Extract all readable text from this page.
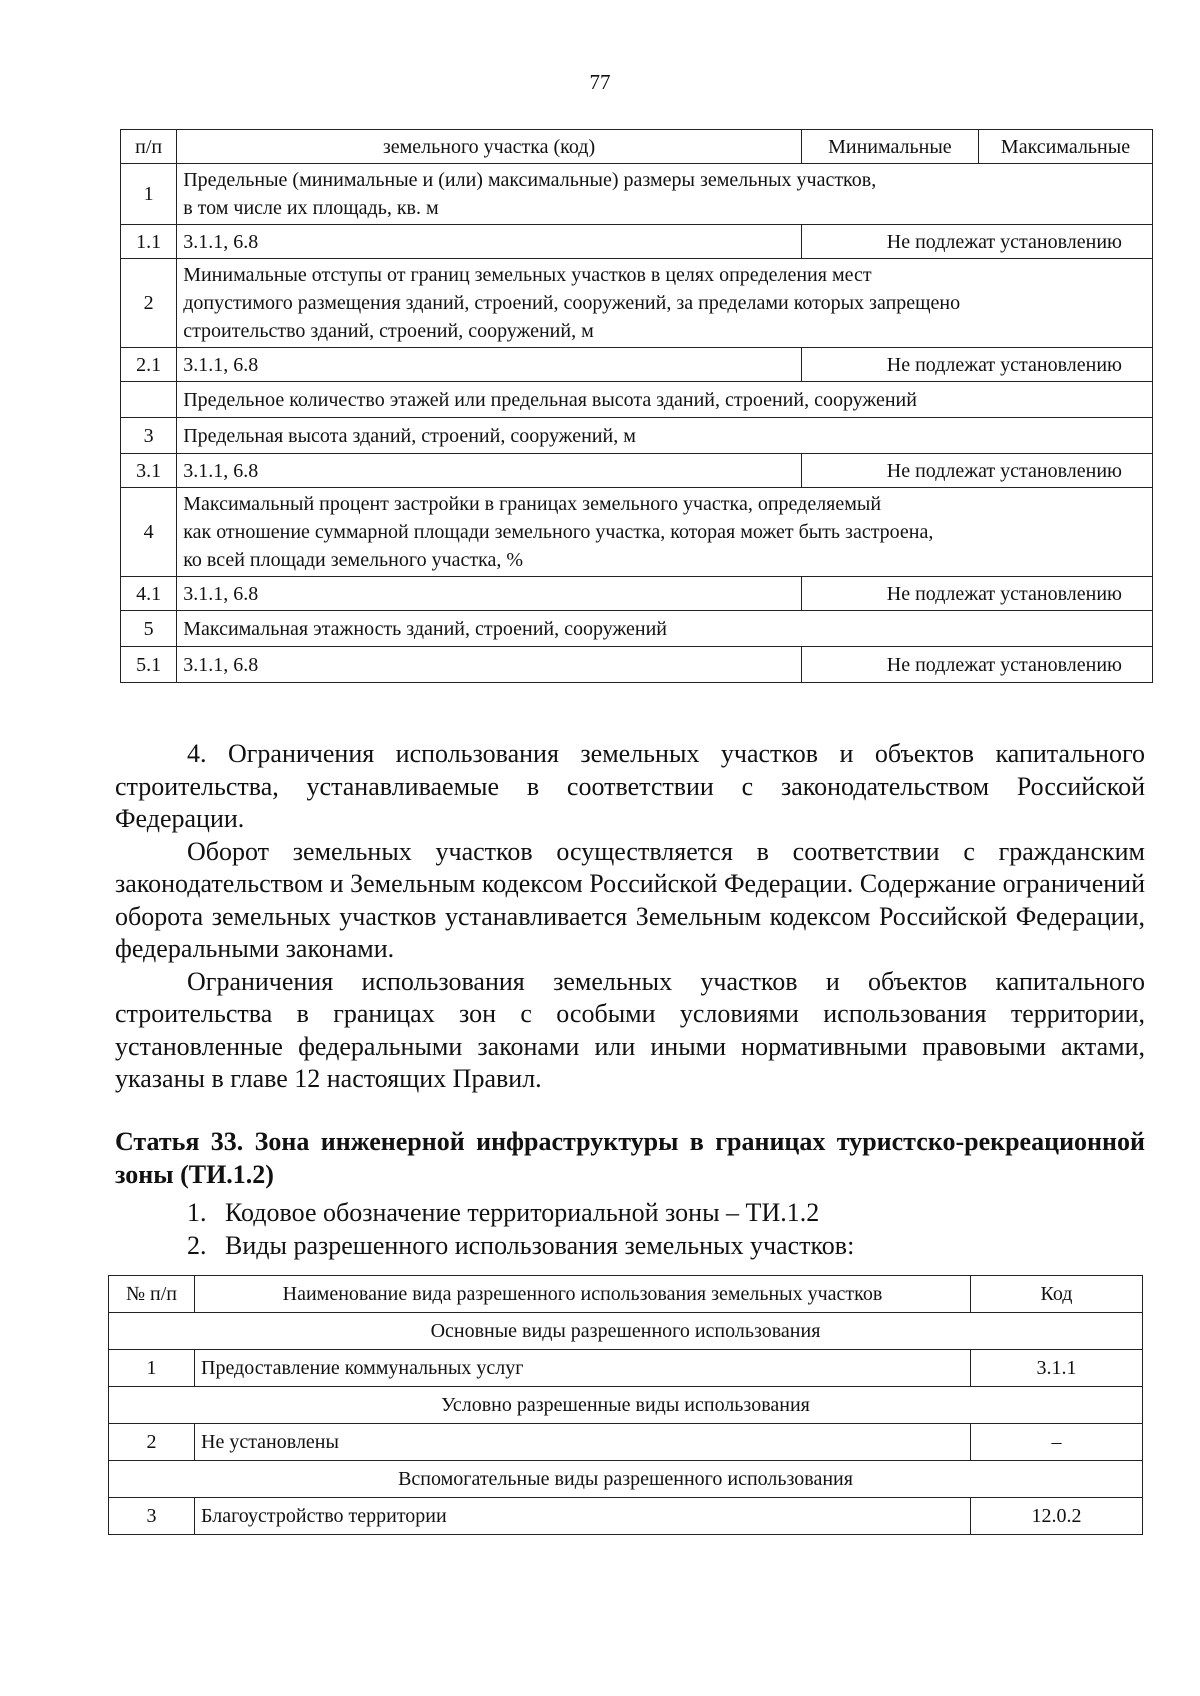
77
п/п	земельного участка (код)	Минимальные	Максимальные
1	Предельные (минимальные и (или) максимальные) размеры земельных участков,
в том числе их площадь, кв. м		

1.1	3.1.1, 6.8	Не подлежат установлению	
2	Минимальные отступы от границ земельных участков в целях определения мест
допустимого размещения зданий, строений, сооружений, за пределами которых запрещено
строительство зданий, строений, сооружений, м		

2.1	3.1.1, 6.8	Не подлежат установлению	
	Предельное количество этажей или предельная высота зданий, строений, сооружений		
3	Предельная высота зданий, строений, сооружений, м		
3.1	3.1.1, 6.8	Не подлежат установлению	
4	Максимальный процент застройки в границах земельного участка, определяемый
как отношение суммарной площади земельного участка, которая может быть застроена,
ко всей площади земельного участка, %		

4.1	3.1.1, 6.8	Не подлежат установлению	
5	Максимальная этажность зданий, строений, сооружений		
5.1	3.1.1, 6.8	Не подлежат установлению	

4. Ограничения использования земельных участков и объектов капитального строительства, устанавливаемые в соответствии с законодательством Российской Федерации.

Оборот земельных участков осуществляется в соответствии с гражданским законодательством и Земельным кодексом Российской Федерации. Содержание ограничений оборота земельных участков устанавливается Земельным кодексом Российской Федерации, федеральными законами.

Ограничения использования земельных участков и объектов капитального строительства в границах зон с особыми условиями использования территории, установленные федеральными законами или иными нормативными правовыми актами, указаны в главе 12 настоящих Правил.

Статья 33. Зона инженерной инфраструктуры в границах туристско-рекреационной зоны (ТИ.1.2)
1. Кодовое обозначение территориальной зоны – ТИ.1.2
2. Виды разрешенного использования земельных участков:
№ п/п	Наименование вида разрешенного использования земельных участков	Код
Основные виды разрешенного использования		
1	Предоставление коммунальных услуг	3.1.1
Условно разрешенные виды использования		
2	Не установлены	–
Вспомогательные виды разрешенного использования		
3	Благоустройство территории	12.0.2
